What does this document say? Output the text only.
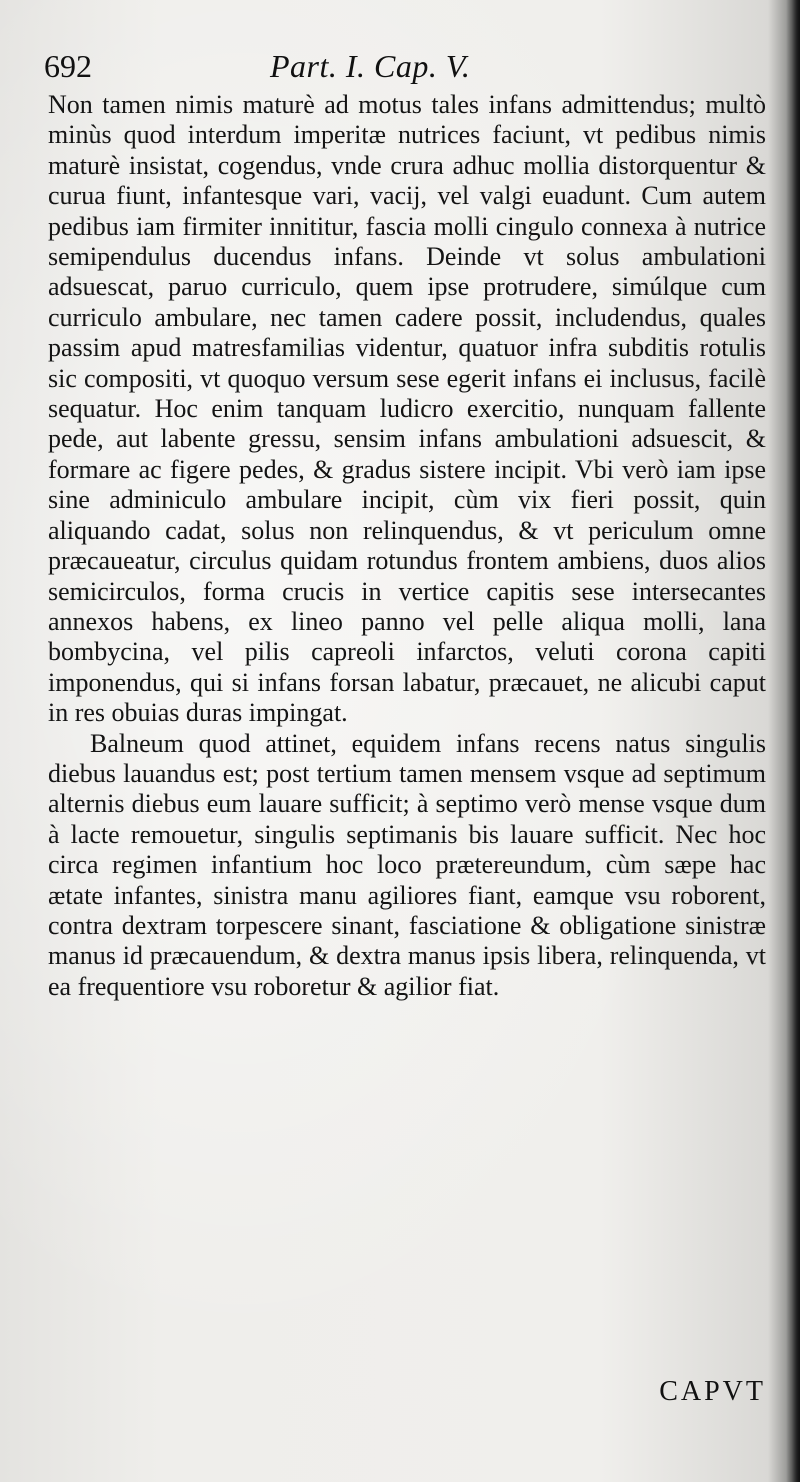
692	Part. I. Cap. V.

Non tamen nimis maturè ad motus tales infans admittendus; multò minùs quod interdum imperitæ nutrices faciunt, vt pedibus nimis maturè insistat, cogendus, vnde crura adhuc mollia distorquentur & curua fiunt, infantesque vari, vacij, vel valgi euadunt. Cum autem pedibus iam firmiter innititur, fascia molli cingulo connexa à nutrice semipendulus ducendus infans. Deinde vt solus ambulationi adsuescat, paruo curriculo, quem ipse protrudere, simúlque cum curriculo ambulare, nec tamen cadere possit, includendus, quales passim apud matresfamilias videntur, quatuor infra subditis rotulis sic compositi, vt quoquo versum sese egerit infans ei inclusus, facilè sequatur. Hoc enim tanquam ludicro exercitio, nunquam fallente pede, aut labente gressu, sensim infans ambulationi adsuescit, & formare ac figere pedes, & gradus sistere incipit. Vbi verò iam ipse sine adminiculo ambulare incipit, cùm vix fieri possit, quin aliquando cadat, solus non relinquendus, & vt periculum omne præcaueatur, circulus quidam rotundus frontem ambiens, duos alios semicirculos, forma crucis in vertice capitis sese intersecantes annexos habens, ex lineo panno vel pelle aliqua molli, lana bombycina, vel pilis capreoli infarctos, veluti corona capiti imponendus, qui si infans forsan labatur, præcauet, ne alicubi caput in res obuias duras impingat.

Balneum quod attinet, equidem infans recens natus singulis diebus lauandus est; post tertium tamen mensem vsque ad septimum alternis diebus eum lauare sufficit; à septimo verò mense vsque dum à lacte remouetur, singulis septimanis bis lauare sufficit. Nec hoc circa regimen infantium hoc loco prætereundum, cùm sæpe hac ætate infantes, sinistra manu agiliores fiant, eamque vsu roborent, contra dextram torpescere sinant, fasciatione & obligatione sinistræ manus id præcauendum, & dextra manus ipsis libera, relinquenda, vt ea frequentiore vsu roboretur & agilior fiat.

CAPVT
